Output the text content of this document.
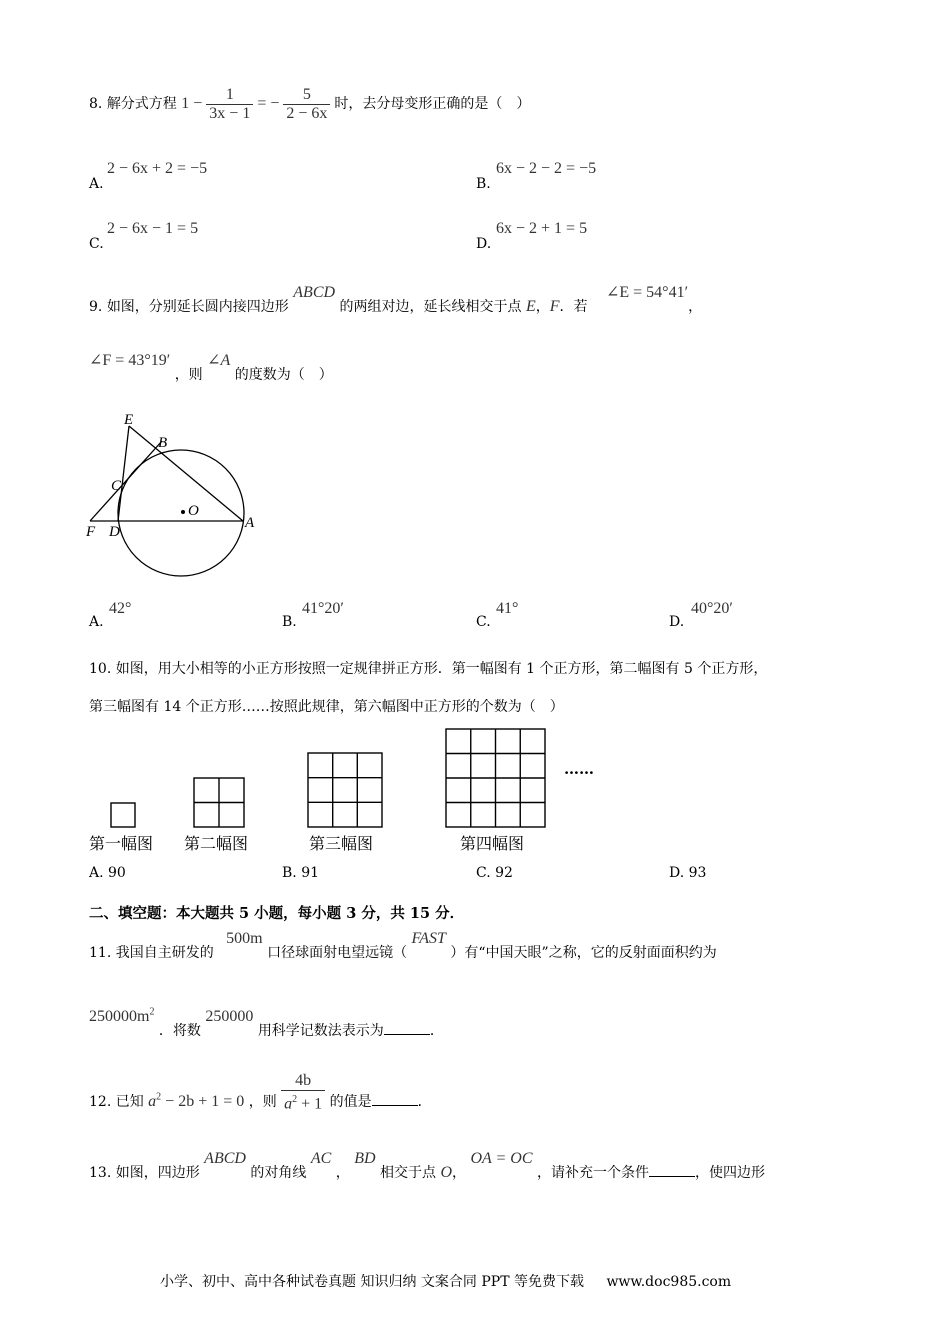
8. 解分式方程 $1 - \frac{1}{3x - 1}$ = − $\frac{5}{2 - 6x}$ 时，去分母变形正确的是（　）
2 − 6x + 2 = −5
A.
6x − 2 − 2 = −5
B.
2 − 6x − 1 = 5
C.
6x − 2 + 1 = 5
D.
9. 如图，分别延长圆内接四边形 ABCD 的两组对边，延长线相交于点 E，F．若 ∠E = 54°41′，
∠F = 43°19′ ，则 ∠A 的度数为（　）
E
B
C
O
F D
A
42°
A.
41°20′
B.
41°
C.
40°20′
D.
10. 如图，用大小相等的小正方形按照一定规律拼正方形．第一幅图有 1 个正方形，第二幅图有 5 个正方形，
第三幅图有 14 个正方形……按照此规律，第六幅图中正方形的个数为（　）
……
第一幅图 第二幅图	第三幅图	第四幅图
A. 90	B. 91	C. 92	D. 93
二、填空题：本大题共 5 小题，每小题 3 分，共 15 分．
11. 我国自主研发的 500m 口径球面射电望远镜（ FAST ）有“中国天眼”之称，它的反射面面积约为
$250000m^2$ ．将数 250000 用科学记数法表示为	．
12. 已知 $a^2 - 2b + 1 = 0$ ，则 $\frac{4b}{a^2 + 1}$ 的值是	．
13. 如图，四边形 ABCD 的对角线 AC ， BD 相交于点 O， OA = OC ，请补充一个条件	，使四边形
小学、初中、高中各种试卷真题 知识归纳 文案合同 PPT 等免费下载 www.doc985.com
